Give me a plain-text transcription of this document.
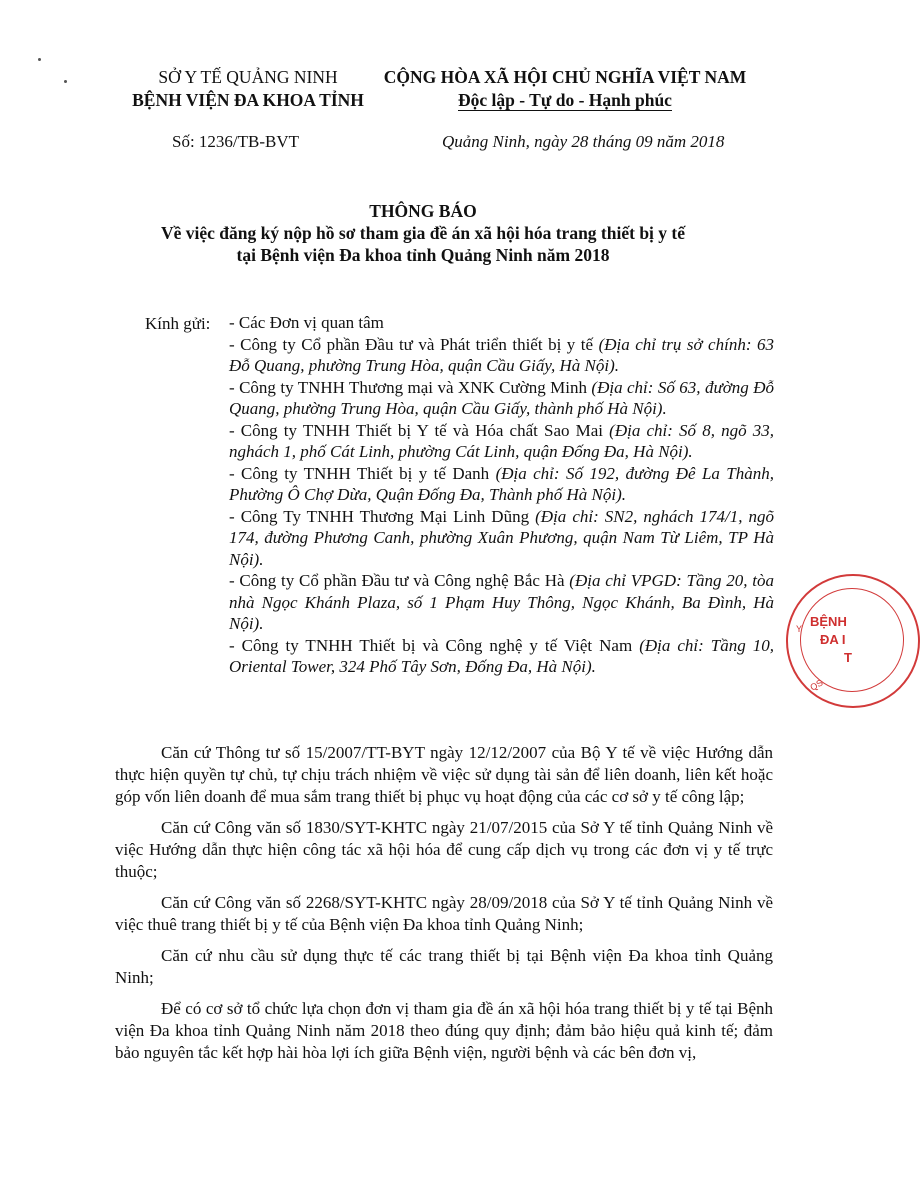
SỞ Y TẾ QUẢNG NINH
BỆNH VIỆN ĐA KHOA TỈNH
CỘNG HÒA XÃ HỘI CHỦ NGHĨA VIỆT NAM
Độc lập - Tự do - Hạnh phúc
Số: 1236/TB-BVT	Quảng Ninh, ngày 28 tháng 09 năm 2018
THÔNG BÁO
Về việc đăng ký nộp hồ sơ tham gia đề án xã hội hóa trang thiết bị y tế
tại Bệnh viện Đa khoa tỉnh Quảng Ninh năm 2018
Kính gửi: - Các Đơn vị quan tâm

- Công ty Cổ phần Đầu tư và Phát triển thiết bị y tế (Địa chỉ trụ sở chính: 63 Đỗ Quang, phường Trung Hòa, quận Cầu Giấy, Hà Nội).

- Công ty TNHH Thương mại và XNK Cường Minh (Địa chỉ: Số 63, đường Đỗ Quang, phường Trung Hòa, quận Cầu Giấy, thành phố Hà Nội).

- Công ty TNHH Thiết bị Y tế và Hóa chất Sao Mai (Địa chỉ: Số 8, ngõ 33, nghách 1, phố Cát Linh, phường Cát Linh, quận Đống Đa, Hà Nội).

- Công ty TNHH Thiết bị y tế Danh (Địa chỉ: Số 192, đường Đê La Thành, Phường Ô Chợ Dừa, Quận Đống Đa, Thành phố Hà Nội).

- Công Ty TNHH Thương Mại Linh Dũng (Địa chỉ: SN2, nghách 174/1, ngõ 174, đường Phương Canh, phường Xuân Phương, quận Nam Từ Liêm, TP Hà Nội).

- Công ty Cổ phần Đầu tư và Công nghệ Bắc Hà (Địa chỉ VPGD: Tầng 20, tòa nhà Ngọc Khánh Plaza, số 1 Phạm Huy Thông, Ngọc Khánh, Ba Đình, Hà Nội).

- Công ty TNHH Thiết bị và Công nghệ y tế Việt Nam (Địa chỉ: Tầng 10, Oriental Tower, 324 Phố Tây Sơn, Đống Đa, Hà Nội).

Căn cứ Thông tư số 15/2007/TT-BYT ngày 12/12/2007 của Bộ Y tế về việc Hướng dẫn thực hiện quyền tự chủ, tự chịu trách nhiệm về việc sử dụng tài sản để liên doanh, liên kết hoặc góp vốn liên doanh để mua sắm trang thiết bị phục vụ hoạt động của các cơ sở y tế công lập;

Căn cứ Công văn số 1830/SYT-KHTC ngày 21/07/2015 của Sở Y tế tỉnh Quảng Ninh về việc Hướng dẫn thực hiện công tác xã hội hóa để cung cấp dịch vụ trong các đơn vị y tế trực thuộc;

Căn cứ Công văn số 2268/SYT-KHTC ngày 28/09/2018 của Sở Y tế tỉnh Quảng Ninh về việc thuê trang thiết bị y tế của Bệnh viện Đa khoa tỉnh Quảng Ninh;

Căn cứ nhu cầu sử dụng thực tế các trang thiết bị tại Bệnh viện Đa khoa tỉnh Quảng Ninh;

Để có cơ sở tổ chức lựa chọn đơn vị tham gia đề án xã hội hóa trang thiết bị y tế tại Bệnh viện Đa khoa tỉnh Quảng Ninh năm 2018 theo đúng quy định; đảm bảo hiệu quả kinh tế; đảm bảo nguyên tắc kết hợp hài hòa lợi ích giữa Bệnh viện, người bệnh và các bên đơn vị,

Y BỆNH
ĐA I
T
QS
